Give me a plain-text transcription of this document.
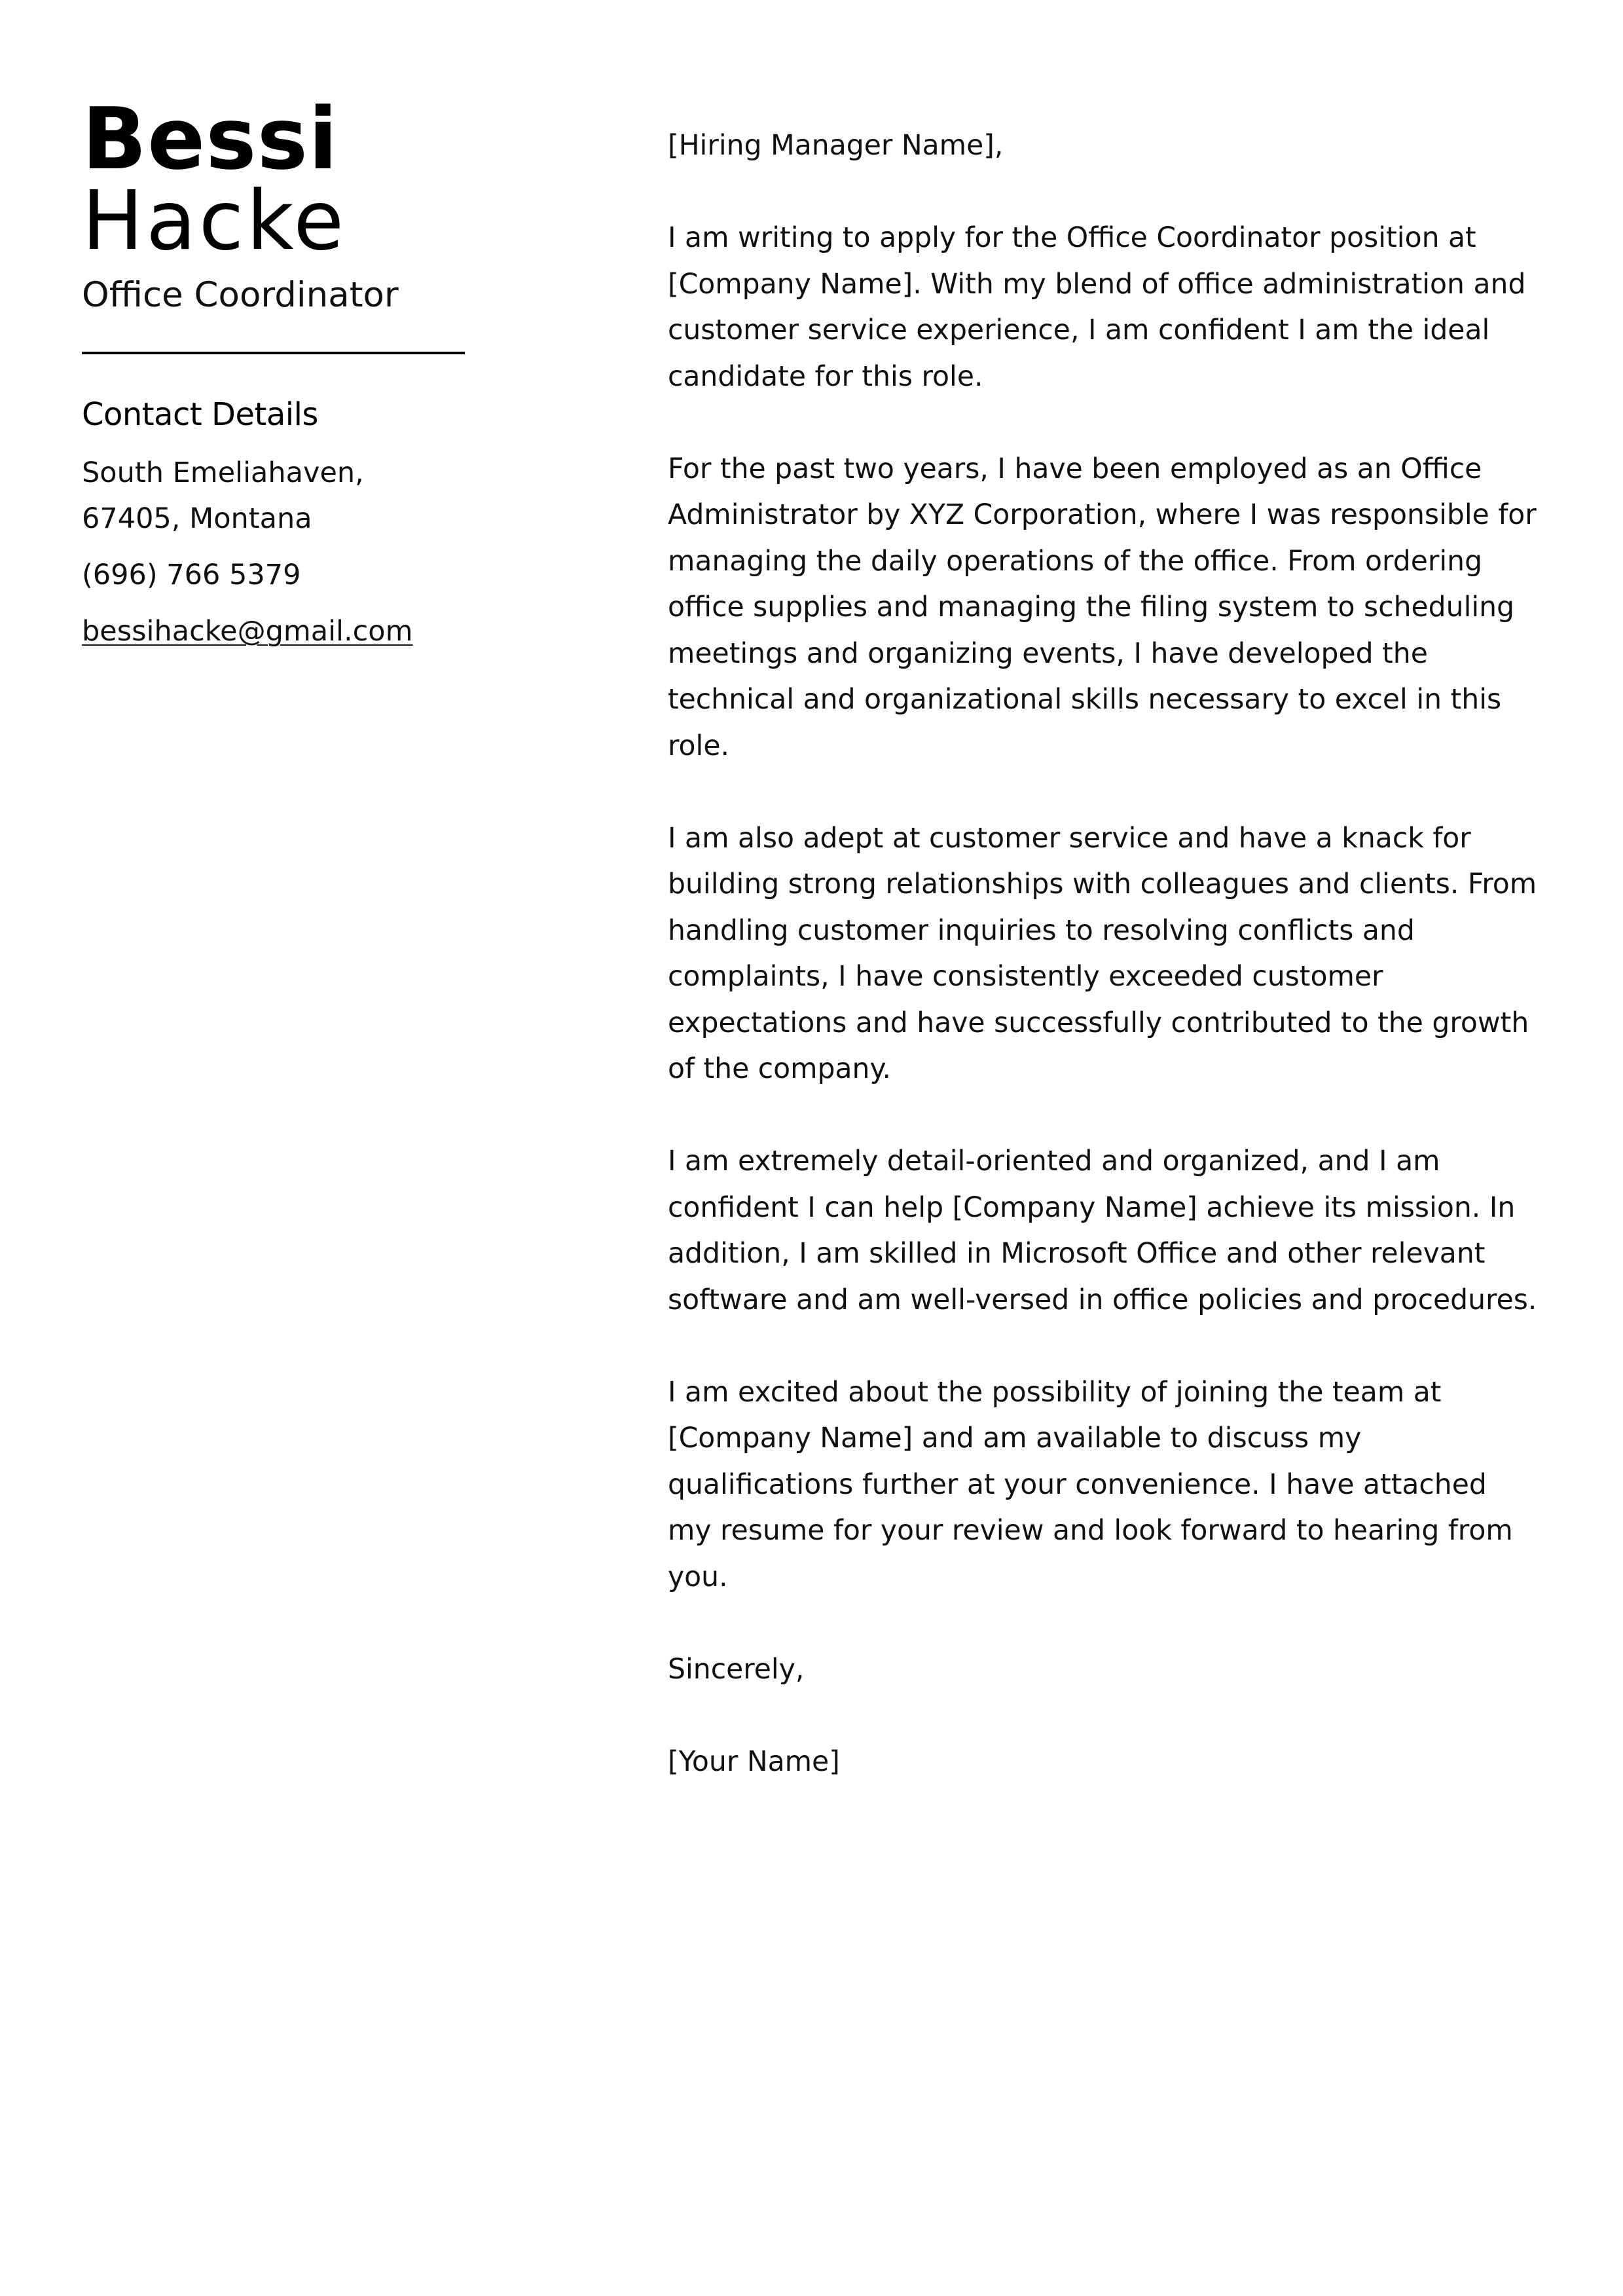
Bessi
Hacke
Office Coordinator
Contact Details
South Emeliahaven, 67405, Montana
(696) 766 5379
bessihacke@gmail.com

[Hiring Manager Name],

I am writing to apply for the Office Coordinator position at [Company Name]. With my blend of office administration and customer service experience, I am confident I am the ideal candidate for this role.

For the past two years, I have been employed as an Office Administrator by XYZ Corporation, where I was responsible for managing the daily operations of the office. From ordering office supplies and managing the filing system to scheduling meetings and organizing events, I have developed the technical and organizational skills necessary to excel in this role.

I am also adept at customer service and have a knack for building strong relationships with colleagues and clients. From handling customer inquiries to resolving conflicts and complaints, I have consistently exceeded customer expectations and have successfully contributed to the growth of the company.

I am extremely detail-oriented and organized, and I am confident I can help [Company Name] achieve its mission. In addition, I am skilled in Microsoft Office and other relevant software and am well-versed in office policies and procedures.

I am excited about the possibility of joining the team at [Company Name] and am available to discuss my qualifications further at your convenience. I have attached my resume for your review and look forward to hearing from you.

Sincerely,

[Your Name]
